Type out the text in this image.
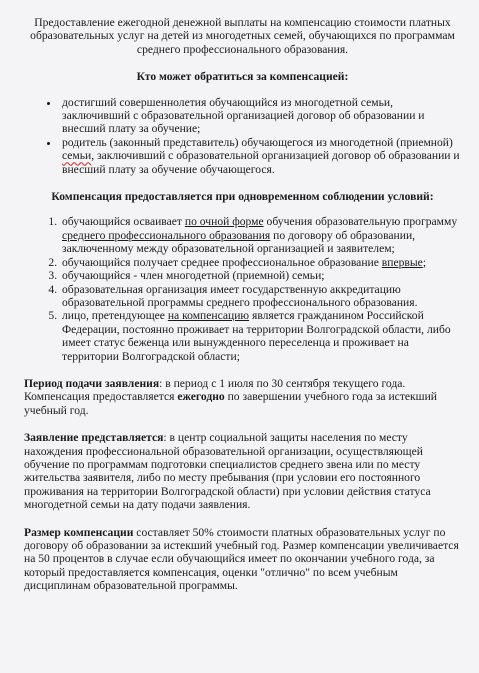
Предоставление ежегодной денежной выплаты на компенсацию стоимости платных образовательных услуг на детей из многодетных семей, обучающихся по программам среднего профессионального образования.

Кто может обратиться за компенсацией:

• достигший совершеннолетия обучающийся из многодетной семьи, заключивший с образовательной организацией договор об образовании и внесший плату за обучение;
• родитель (законный представитель) обучающегося из многодетной (приемной) семьи, заключивший с образовательной организацией договор об образовании и внесший плату за обучение обучающегося.

Компенсация предоставляется при одновременном соблюдении условий:

1. обучающийся осваивает по очной форме обучения образовательную программу среднего профессионального образования по договору об образовании, заключенному между образовательной организацией и заявителем;
2. обучающийся получает среднее профессиональное образование впервые;
3. обучающийся - член многодетной (приемной) семьи;
4. образовательная организация имеет государственную аккредитацию образовательной программы среднего профессионального образования.
5. лицо, претендующее на компенсацию является гражданином Российской Федерации, постоянно проживает на территории Волгоградской области, либо имеет статус беженца или вынужденного переселенца и проживает на территории Волгоградской области;

Период подачи заявления: в период с 1 июля по 30 сентября текущего года. Компенсация предоставляется ежегодно по завершении учебного года за истекший учебный год.

Заявление представляется: в центр социальной защиты населения по месту нахождения профессиональной образовательной организации, осуществляющей обучение по программам подготовки специалистов среднего звена или по месту жительства заявителя, либо по месту пребывания (при условии его постоянного проживания на территории Волгоградской области) при условии действия статуса многодетной семьи на дату подачи заявления.

Размер компенсации составляет 50% стоимости платных образовательных услуг по договору об образовании за истекший учебный год. Размер компенсации увеличивается на 50 процентов в случае если обучающийся имеет по окончании учебного года, за который предоставляется компенсация, оценки "отлично" по всем учебным дисциплинам образовательной программы.
